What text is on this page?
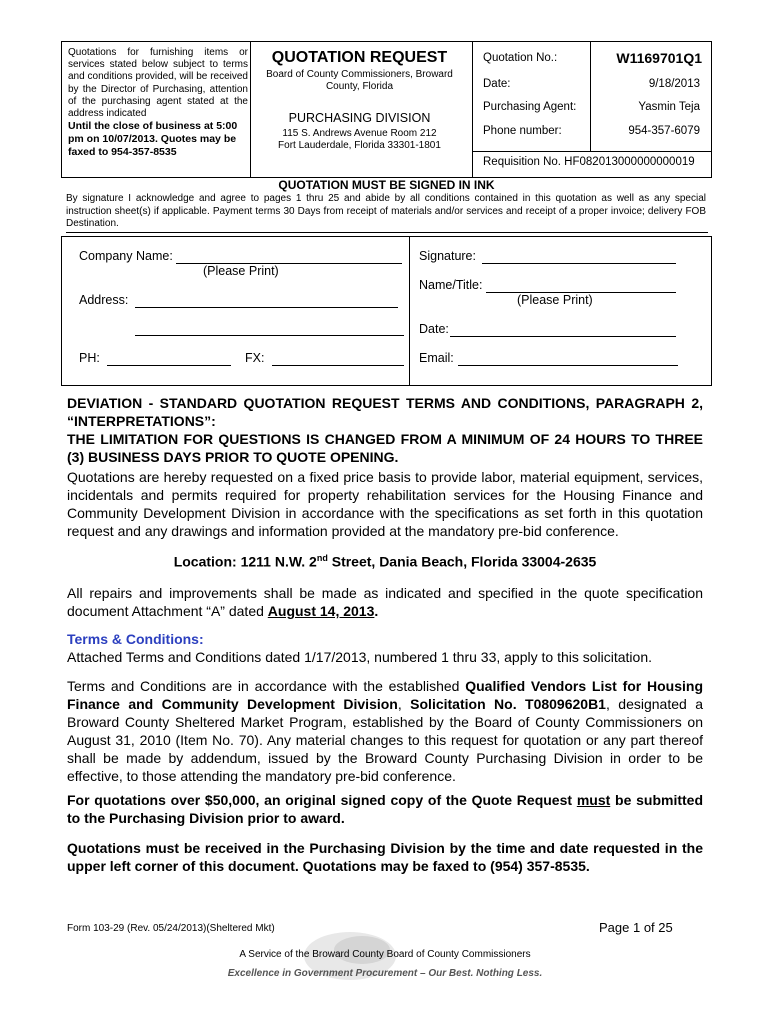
Quotations for furnishing items or services stated below subject to terms and conditions provided, will be received by the Director of Purchasing, attention of the purchasing agent stated at the address indicated
Until the close of business at 5:00 pm on 10/07/2013. Quotes may be faxed to 954-357-8535
QUOTATION REQUEST
Board of County Commissioners, Broward County, Florida
PURCHASING DIVISION
115 S. Andrews Avenue Room 212
Fort Lauderdale, Florida 33301-1801
Quotation No.:	W1169701Q1
Date:	9/18/2013
Purchasing Agent:	Yasmin Teja
Phone number:	954-357-6079
Requisition No. HF082013000000000019
QUOTATION MUST BE SIGNED IN INK
By signature I acknowledge and agree to pages 1 thru 25 and abide by all conditions contained in this quotation as well as any special instruction sheet(s) if applicable. Payment terms 30 Days from receipt of materials and/or services and receipt of a proper invoice; delivery FOB Destination.
Company Name:
(Please Print)
Address:
PH:	FX:
Signature:
Name/Title:
(Please Print)
Date:
Email:
DEVIATION - STANDARD QUOTATION REQUEST TERMS AND CONDITIONS, PARAGRAPH 2, “INTERPRETATIONS”:
THE LIMITATION FOR QUESTIONS IS CHANGED FROM A MINIMUM OF 24 HOURS TO THREE (3) BUSINESS DAYS PRIOR TO QUOTE OPENING.
Quotations are hereby requested on a fixed price basis to provide labor, material equipment, services, incidentals and permits required for property rehabilitation services for the Housing Finance and Community Development Division in accordance with the specifications as set forth in this quotation request and any drawings and information provided at the mandatory pre-bid conference.
Location: 1211 N.W. 2nd Street, Dania Beach, Florida 33004-2635
All repairs and improvements shall be made as indicated and specified in the quote specification document Attachment “A” dated August 14, 2013.
Terms & Conditions:
Attached Terms and Conditions dated 1/17/2013, numbered 1 thru 33, apply to this solicitation.
Terms and Conditions are in accordance with the established Qualified Vendors List for Housing Finance and Community Development Division, Solicitation No. T0809620B1, designated a Broward County Sheltered Market Program, established by the Board of County Commissioners on August 31, 2010 (Item No. 70). Any material changes to this request for quotation or any part thereof shall be made by addendum, issued by the Broward County Purchasing Division in order to be effective, to those attending the mandatory pre-bid conference.
For quotations over $50,000, an original signed copy of the Quote Request must be submitted to the Purchasing Division prior to award.
Quotations must be received in the Purchasing Division by the time and date requested in the upper left corner of this document. Quotations may be faxed to (954) 357-8535.
Form 103-29 (Rev. 05/24/2013)(Sheltered Mkt)	Page 1 of 25
A Service of the Broward County Board of County Commissioners
Excellence in Government Procurement – Our Best. Nothing Less.
